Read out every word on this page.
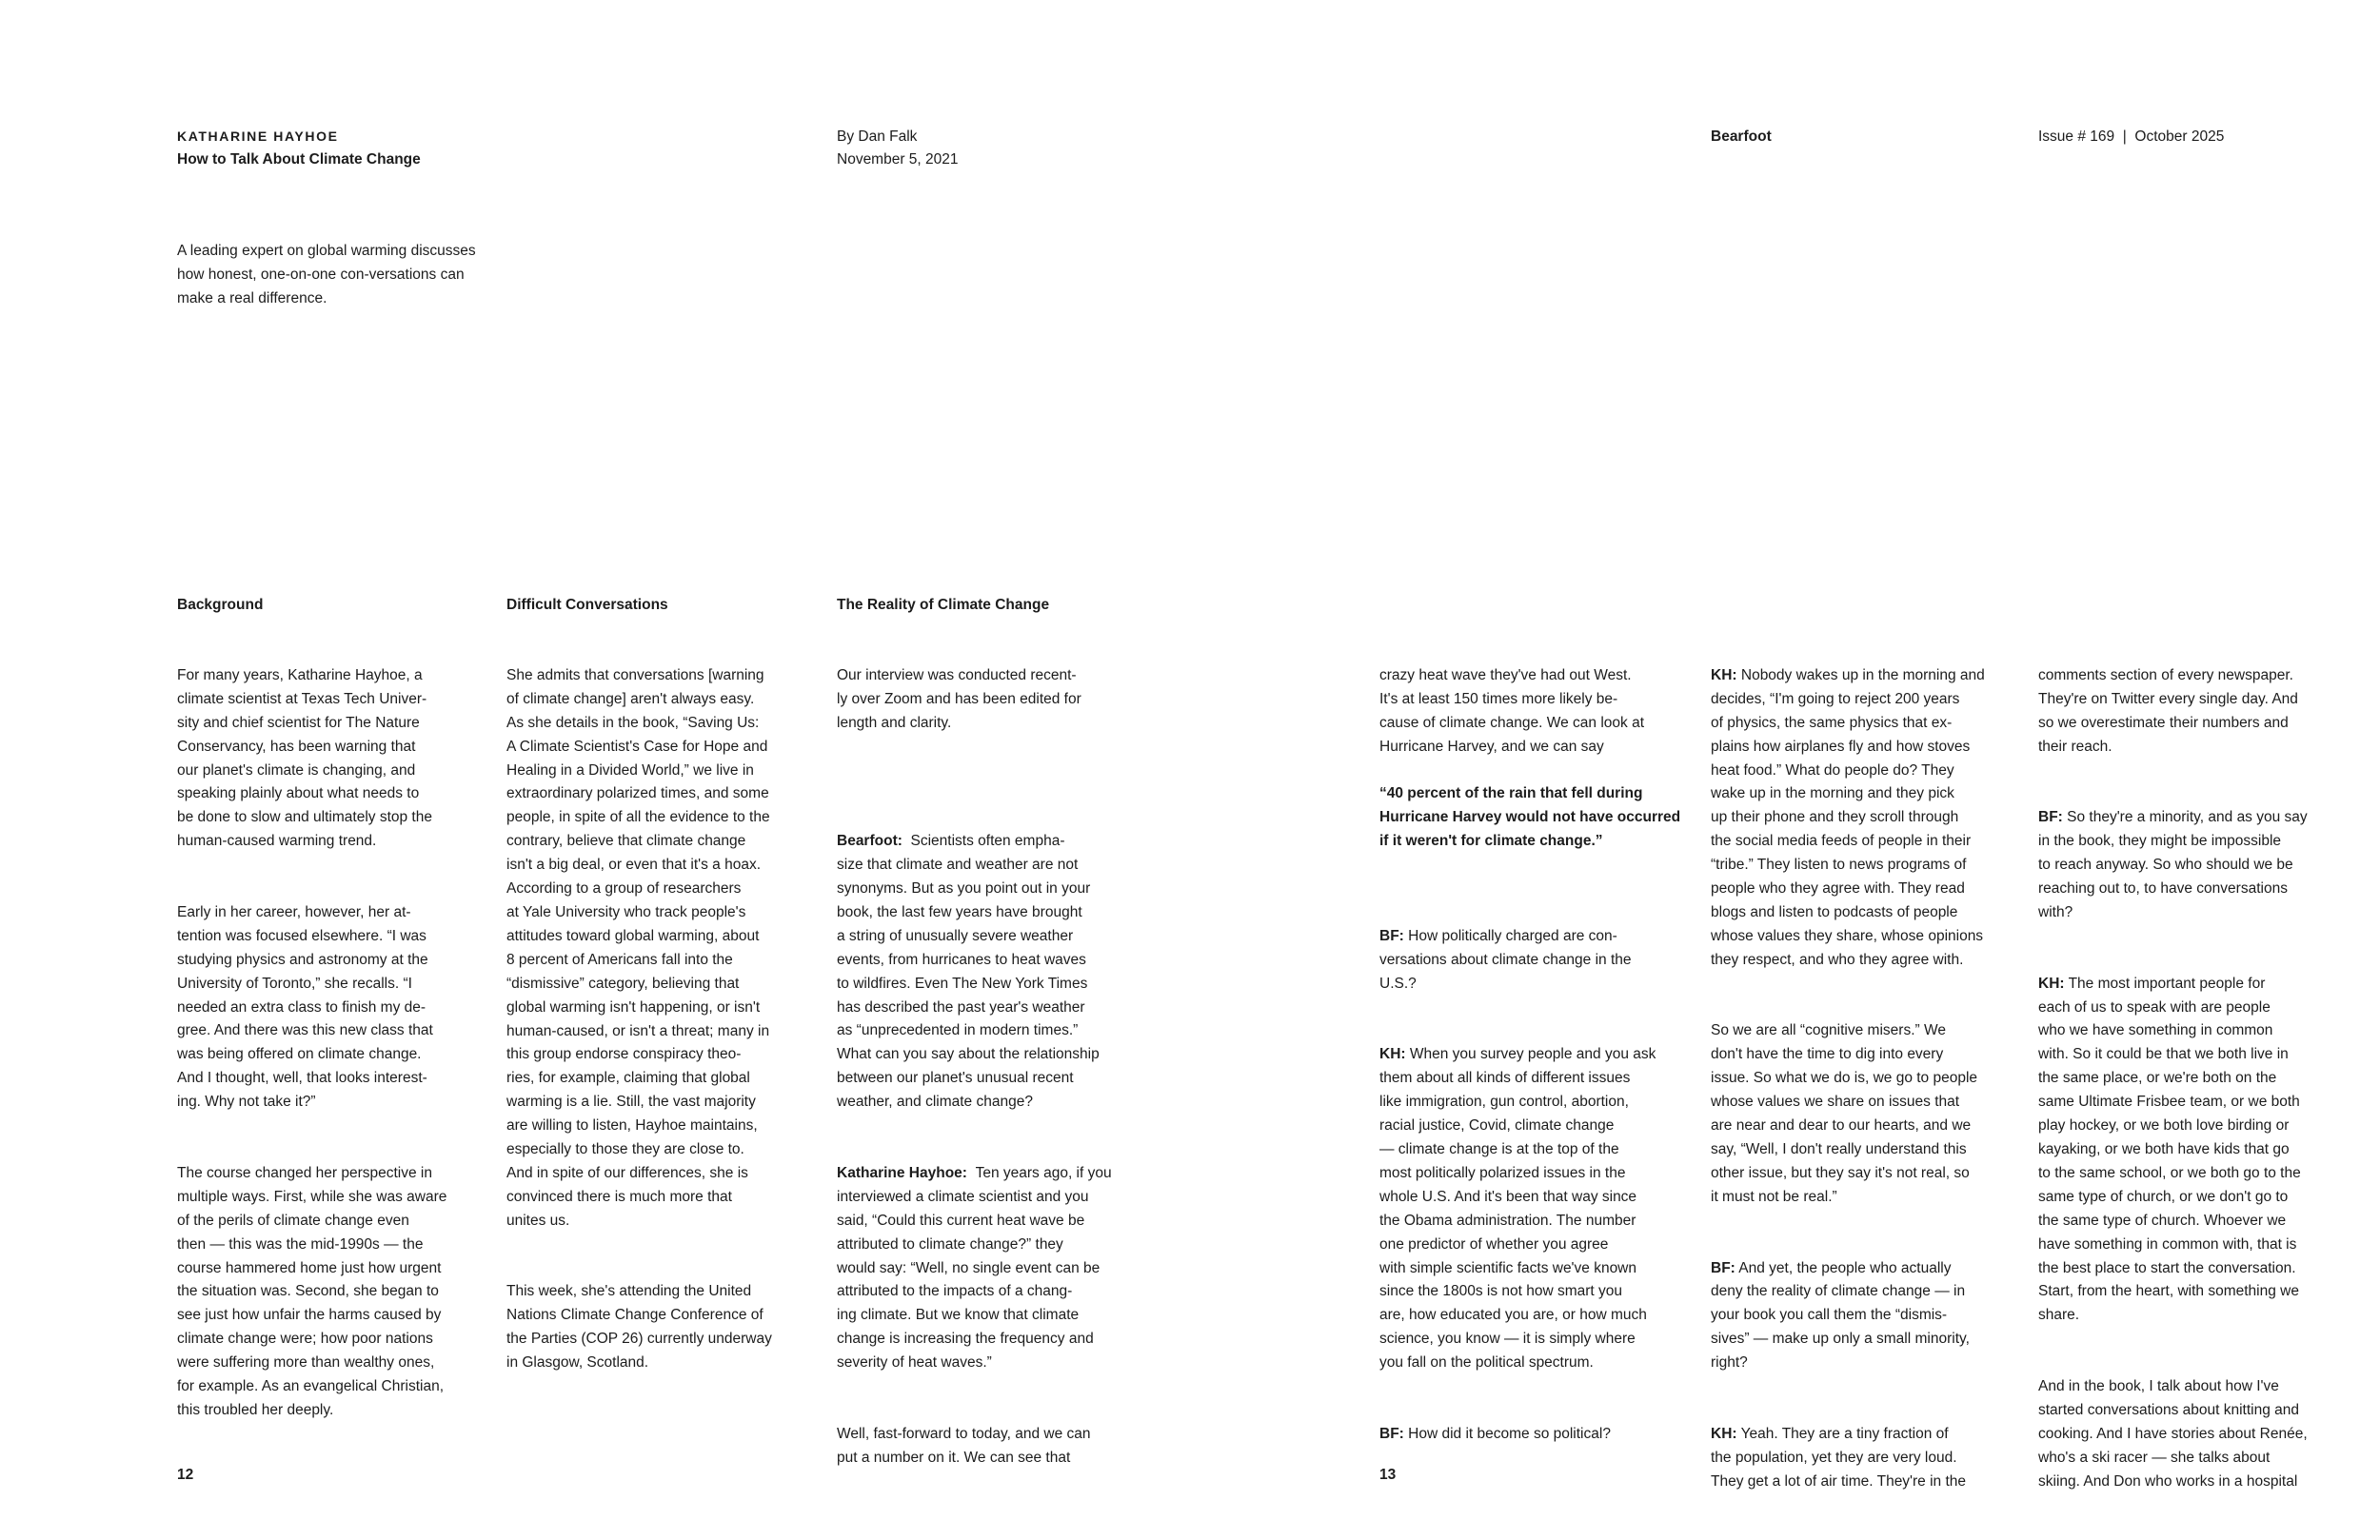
KATHARINE HAYHOE
How to Talk About Climate Change
By Dan Falk
November 5, 2021
A leading expert on global warming discusses how honest, one-on-one con-versations can make a real difference.
Background	Difficult Conversations	The Reality of Climate Change

For many years, Katharine Hayhoe, a
climate scientist at Texas Tech Univer-
sity and chief scientist for The Nature
Conservancy, has been warning that
our planet's climate is changing, and
speaking plainly about what needs to
be done to slow and ultimately stop the
human-caused warming trend.

Early in her career, however, her at-
tention was focused elsewhere. “I was
studying physics and astronomy at the
University of Toronto,” she recalls. “I
needed an extra class to finish my de-
gree. And there was this new class that
was being offered on climate change.
And I thought, well, that looks interest-
ing. Why not take it?”

The course changed her perspective in
multiple ways. First, while she was aware
of the perils of climate change even
then — this was the mid-1990s — the
course hammered home just how urgent
the situation was. Second, she began to
see just how unfair the harms caused by
climate change were; how poor nations
were suffering more than wealthy ones,
for example. As an evangelical Christian,
this troubled her deeply.

She admits that conversations [warning
of climate change] aren't always easy.
As she details in the book, “Saving Us:
A Climate Scientist's Case for Hope and
Healing in a Divided World,” we live in
extraordinary polarized times, and some
people, in spite of all the evidence to the
contrary, believe that climate change
isn't a big deal, or even that it's a hoax.
According to a group of researchers
at Yale University who track people's
attitudes toward global warming, about
8 percent of Americans fall into the
“dismissive” category, believing that
global warming isn't happening, or isn't
human-caused, or isn't a threat; many in
this group endorse conspiracy theo-
ries, for example, claiming that global
warming is a lie. Still, the vast majority
are willing to listen, Hayhoe maintains,
especially to those they are close to.
And in spite of our differences, she is
convinced there is much more that
unites us.

This week, she's attending the United
Nations Climate Change Conference of
the Parties (COP 26) currently underway
in Glasgow, Scotland.

Our interview was conducted recent-
ly over Zoom and has been edited for
length and clarity.

Bearfoot: Scientists often empha-
size that climate and weather are not
synonyms. But as you point out in your
book, the last few years have brought
a string of unusually severe weather
events, from hurricanes to heat waves
to wildfires. Even The New York Times
has described the past year's weather
as “unprecedented in modern times.”
What can you say about the relationship
between our planet's unusual recent
weather, and climate change?

Katharine Hayhoe: Ten years ago, if you
interviewed a climate scientist and you
said, “Could this current heat wave be
attributed to climate change?” they
would say: “Well, no single event can be
attributed to the impacts of a chang-
ing climate. But we know that climate
change is increasing the frequency and
severity of heat waves.”

Well, fast-forward to today, and we can
put a number on it. We can see that

12
Bearfoot	Issue # 169  |  October 2025

crazy heat wave they've had out West.
It's at least 150 times more likely be-
cause of climate change. We can look at
Hurricane Harvey, and we can say

“40 percent of the rain that fell during
Hurricane Harvey would not have occurred
if it weren't for climate change.”

BF: How politically charged are con-
versations about climate change in the
U.S.?

KH: When you survey people and you ask
them about all kinds of different issues
like immigration, gun control, abortion,
racial justice, Covid, climate change
— climate change is at the top of the
most politically polarized issues in the
whole U.S. And it's been that way since
the Obama administration. The number
one predictor of whether you agree
with simple scientific facts we've known
since the 1800s is not how smart you
are, how educated you are, or how much
science, you know — it is simply where
you fall on the political spectrum.

BF: How did it become so political?

KH: Nobody wakes up in the morning and
decides, “I'm going to reject 200 years
of physics, the same physics that ex-
plains how airplanes fly and how stoves
heat food.” What do people do? They
wake up in the morning and they pick
up their phone and they scroll through
the social media feeds of people in their
“tribe.” They listen to news programs of
people who they agree with. They read
blogs and listen to podcasts of people
whose values they share, whose opinions
they respect, and who they agree with.

So we are all “cognitive misers.” We
don't have the time to dig into every
issue. So what we do is, we go to people
whose values we share on issues that
are near and dear to our hearts, and we
say, “Well, I don't really understand this
other issue, but they say it's not real, so
it must not be real.”

BF: And yet, the people who actually
deny the reality of climate change — in
your book you call them the “dismis-
sives” — make up only a small minority,
right?

KH: Yeah. They are a tiny fraction of
the population, yet they are very loud.
They get a lot of air time. They're in the

comments section of every newspaper.
They're on Twitter every single day. And
so we overestimate their numbers and
their reach.

BF: So they're a minority, and as you say
in the book, they might be impossible
to reach anyway. So who should we be
reaching out to, to have conversations
with?

KH: The most important people for
each of us to speak with are people
who we have something in common
with. So it could be that we both live in
the same place, or we're both on the
same Ultimate Frisbee team, or we both
play hockey, or we both love birding or
kayaking, or we both have kids that go
to the same school, or we both go to the
same type of church, or we don't go to
the same type of church. Whoever we
have something in common with, that is
the best place to start the conversation.
Start, from the heart, with something we
share.

And in the book, I talk about how I've
started conversations about knitting and
cooking. And I have stories about Renée,
who's a ski racer — she talks about
skiing. And Don who works in a hospital

13
